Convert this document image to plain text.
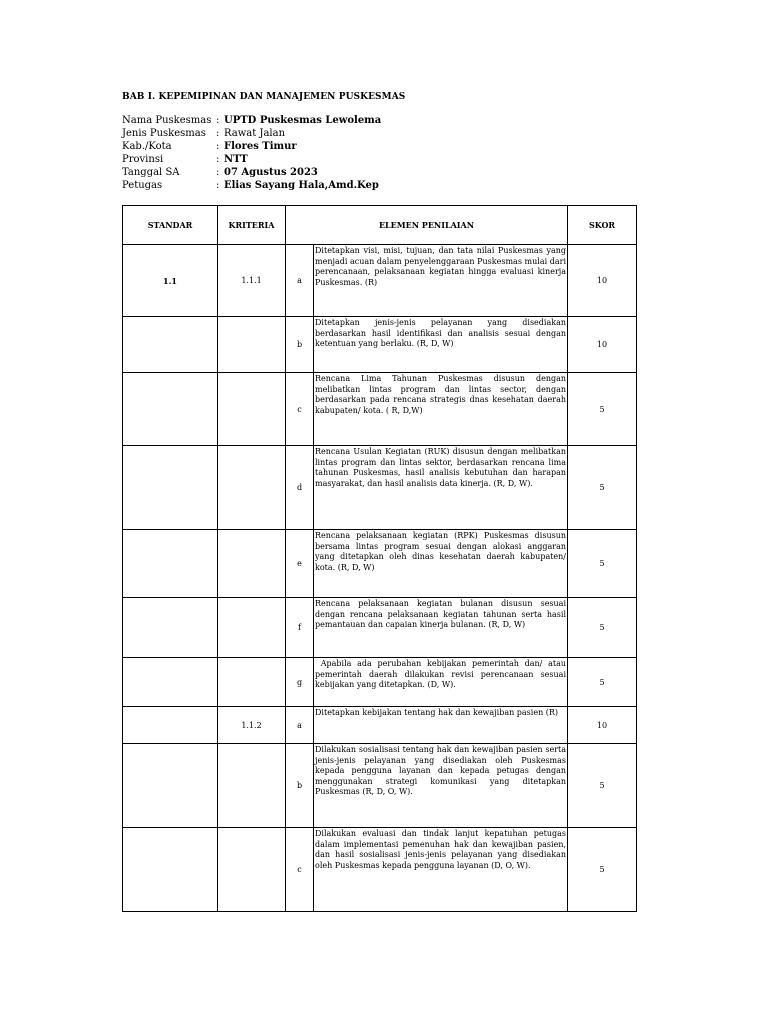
BAB I. KEPEMIPINAN DAN MANAJEMEN PUSKESMAS
Nama Puskesmas : UPTD Puskesmas Lewolema
Jenis Puskesmas : Rawat Jalan
Kab./Kota	: Flores Timur
Provinsi	: NTT
Tanggal SA	: 07 Agustus 2023
Petugas	: Elias Sayang Hala,Amd.Kep
STANDAR	KRITERIA	ELEMEN PENILAIAN		SKOR
1.1	1.1.1	a	Ditetapkan visi, misi, tujuan, dan tata nilai Puskesmas yang menjadi acuan dalam penyelenggaraan Puskesmas mulai dari perencanaan, pelaksanaan kegiatan hingga evaluasi kinerja Puskesmas. (R)	10
		b	Ditetapkan jenis-jenis pelayanan yang disediakan berdasarkan hasil identifikasi dan analisis sesuai dengan ketentuan yang berlaku. (R, D, W)	10
		c	Rencana Lima Tahunan Puskesmas disusun dengan melibatkan lintas program dan lintas sector, dengan berdasarkan pada rencana strategis dnas kesehatan daerah kabupaten/ kota. ( R, D,W)	5
		d	Rencana Usulan Kegiatan (RUK) disusun dengan melibatkan lintas program dan lintas sektor, berdasarkan rencana lima tahunan Puskesmas, hasil analisis kebutuhan dan harapan masyarakat, dan hasil analisis data kinerja. (R, D, W).	5
		e	Rencana pelaksanaan kegiatan (RPK) Puskesmas disusun bersama lintas program sesuai dengan alokasi anggaran yang ditetapkan oleh dinas kesehatan daerah kabupaten/ kota. (R, D, W)	5
		f	Rencana pelaksanaan kegiatan bulanan disusun sesuai dengan rencana pelaksanaan kegiatan tahunan serta hasil pemantauan dan capaian kinerja bulanan. (R, D, W)	5
		g	Apabila ada perubahan kebijakan pemerintah dan/ atau pemerintah daerah dilakukan revisi perencanaan sesuai kebijakan yang ditetapkan. (D, W).	5
	1.1.2	a	Ditetapkan kebijakan tentang hak dan kewajiban pasien (R)	10
		b	Dilakukan sosialisasi tentang hak dan kewajiban pasien serta jenis-jenis pelayanan yang disediakan oleh Puskesmas kepada pengguna layanan dan kepada petugas dengan menggunakan strategi komunikasi yang ditetapkan Puskesmas (R, D, O, W).	5
		c	Dilakukan evaluasi dan tindak lanjut kepatuhan petugas dalam implementasi pemenuhan hak dan kewajiban pasien, dan hasil sosialisasi jenis-jenis pelayanan yang disediakan oleh Puskesmas kepada pengguna layanan (D, O, W).	5
